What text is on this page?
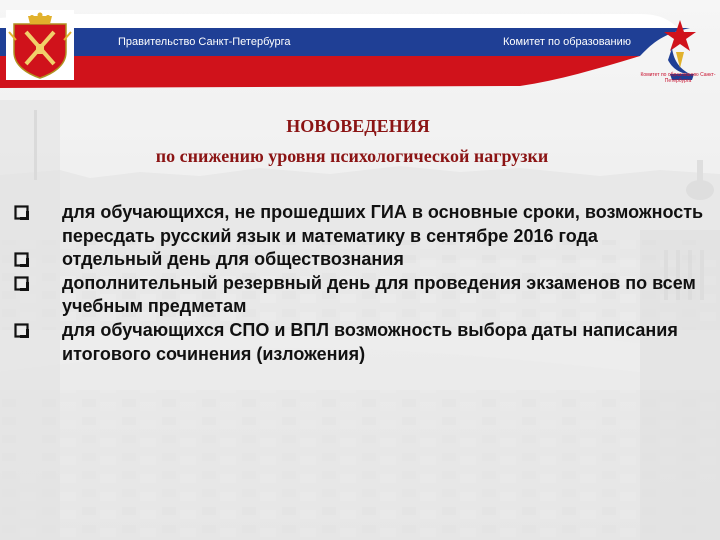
Правительство Санкт-Петербурга	Комитет по образованию
Комитет по образованию Санкт-Петербурга
НОВОВЕДЕНИЯ
по снижению уровня психологической нагрузки
для обучающихся, не прошедших ГИА в основные сроки, возможность пересдать русский язык и математику в сентябре 2016 года
отдельный день для обществознания
дополнительный резервный день для проведения экзаменов по всем учебным предметам
для обучающихся СПО и ВПЛ возможность выбора даты написания итогового сочинения (изложения)
